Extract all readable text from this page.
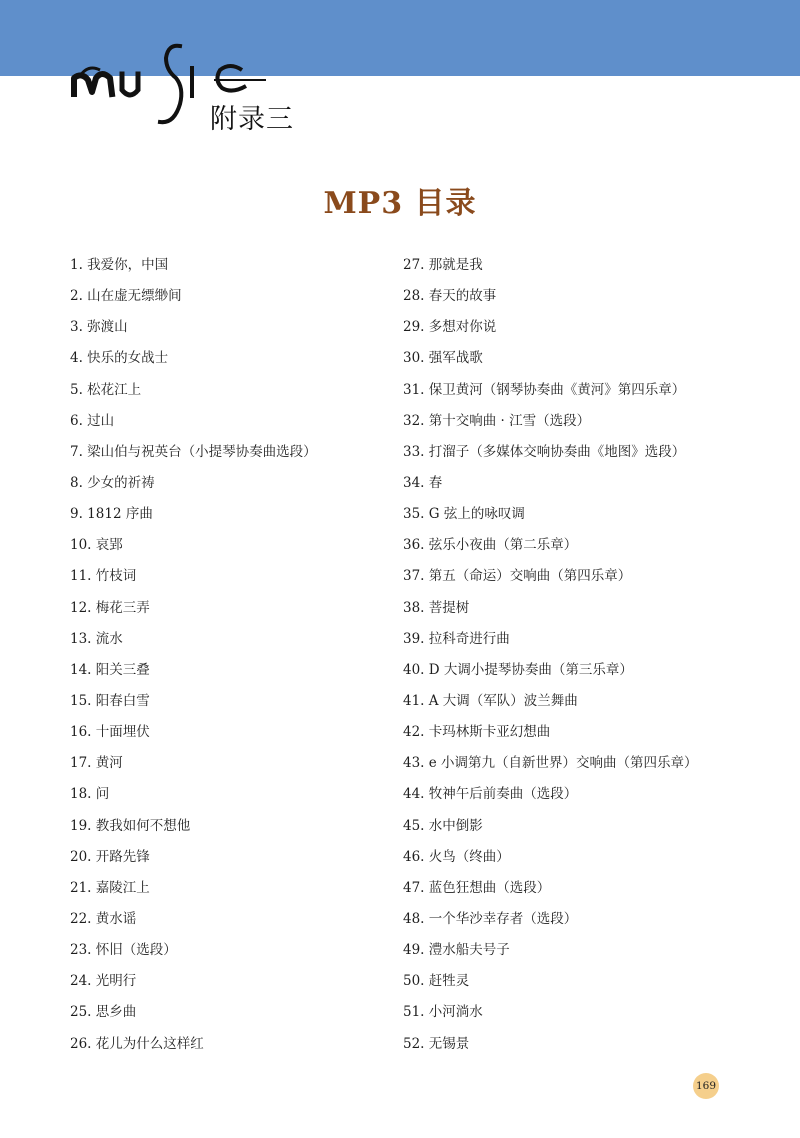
附录三
MP3 目录
1. 我爱你，中国
2. 山在虚无缥缈间
3. 弥渡山
4. 快乐的女战士
5. 松花江上
6. 过山
7. 梁山伯与祝英台（小提琴协奏曲选段）
8. 少女的祈祷
9. 1812 序曲
10. 哀郢
11. 竹枝词
12. 梅花三弄
13. 流水
14. 阳关三叠
15. 阳春白雪
16. 十面埋伏
17. 黄河
18. 问
19. 教我如何不想他
20. 开路先锋
21. 嘉陵江上
22. 黄水谣
23. 怀旧（选段）
24. 光明行
25. 思乡曲
26. 花儿为什么这样红
27. 那就是我
28. 春天的故事
29. 多想对你说
30. 强军战歌
31. 保卫黄河（钢琴协奏曲《黄河》第四乐章）
32. 第十交响曲 · 江雪（选段）
33. 打溜子（多媒体交响协奏曲《地图》选段）
34. 春
35. G 弦上的咏叹调
36. 弦乐小夜曲（第二乐章）
37. 第五（命运）交响曲（第四乐章）
38. 菩提树
39. 拉科奇进行曲
40. D 大调小提琴协奏曲（第三乐章）
41. A 大调（军队）波兰舞曲
42. 卡玛林斯卡亚幻想曲
43. e 小调第九（自新世界）交响曲（第四乐章）
44. 牧神午后前奏曲（选段）
45. 水中倒影
46. 火鸟（终曲）
47. 蓝色狂想曲（选段）
48. 一个华沙幸存者（选段）
49. 澧水船夫号子
50. 赶牲灵
51. 小河淌水
52. 无锡景
169
